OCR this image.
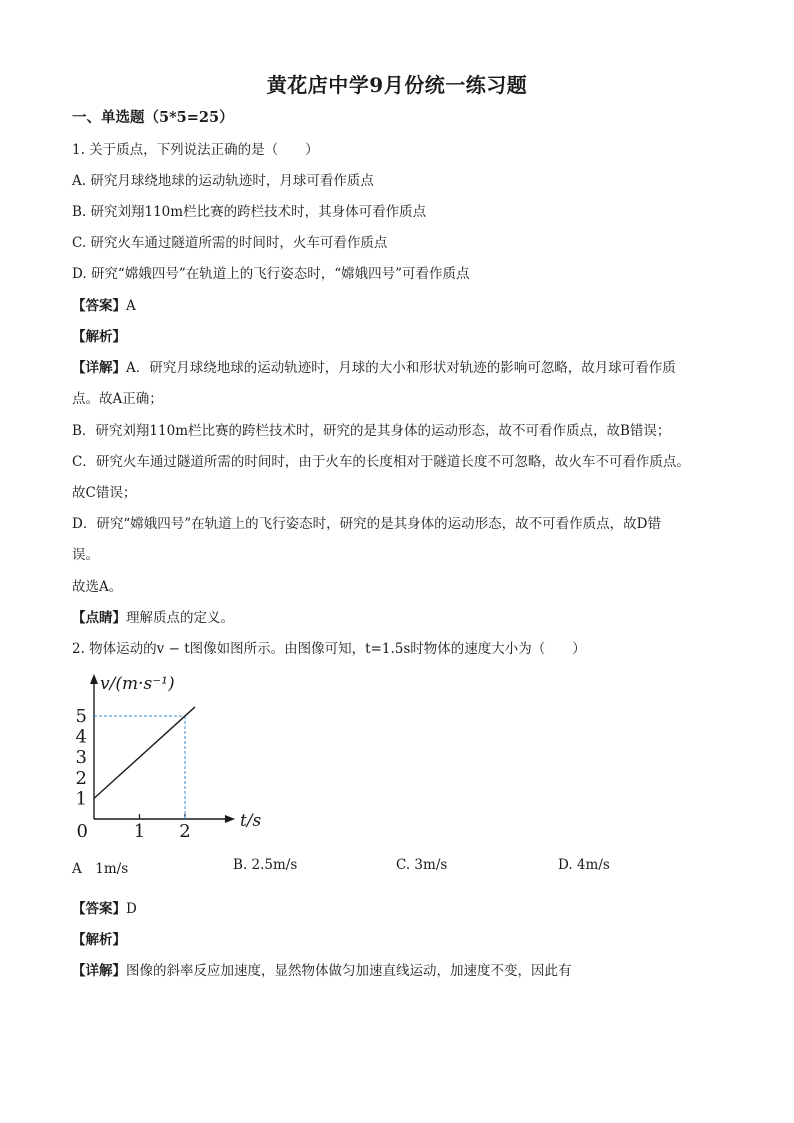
黄花店中学9月份统一练习题
一、单选题（5*5=25）
1. 关于质点，下列说法正确的是（　　）
A. 研究月球绕地球的运动轨迹时，月球可看作质点
B. 研究刘翔110m栏比赛的跨栏技术时，其身体可看作质点
C. 研究火车通过隧道所需的时间时，火车可看作质点
D. 研究“嫦娥四号”在轨道上的飞行姿态时，“嫦娥四号”可看作质点
【答案】A
【解析】
【详解】A．研究月球绕地球的运动轨迹时，月球的大小和形状对轨迹的影响可忽略，故月球可看作质
点。故A正确；
B．研究刘翔110m栏比赛的跨栏技术时，研究的是其身体的运动形态，故不可看作质点，故B错误；
C．研究火车通过隧道所需的时间时，由于火车的长度相对于隧道长度不可忽略，故火车不可看作质点。
故C错误；
D．研究“嫦娥四号”在轨道上的飞行姿态时，研究的是其身体的运动形态，故不可看作质点，故D错
误。
故选A。
【点睛】理解质点的定义。
2. 物体运动的v − t图像如图所示。由图像可知，t=1.5s时物体的速度大小为（　　）
1
2
3
4
5
0	1 2
v/(m·s⁻¹)
t/s
A　1m/s	B. 2.5m/s	C. 3m/s	D. 4m/s
【答案】D
【解析】
【详解】图像的斜率反应加速度，显然物体做匀加速直线运动，加速度不变，因此有
